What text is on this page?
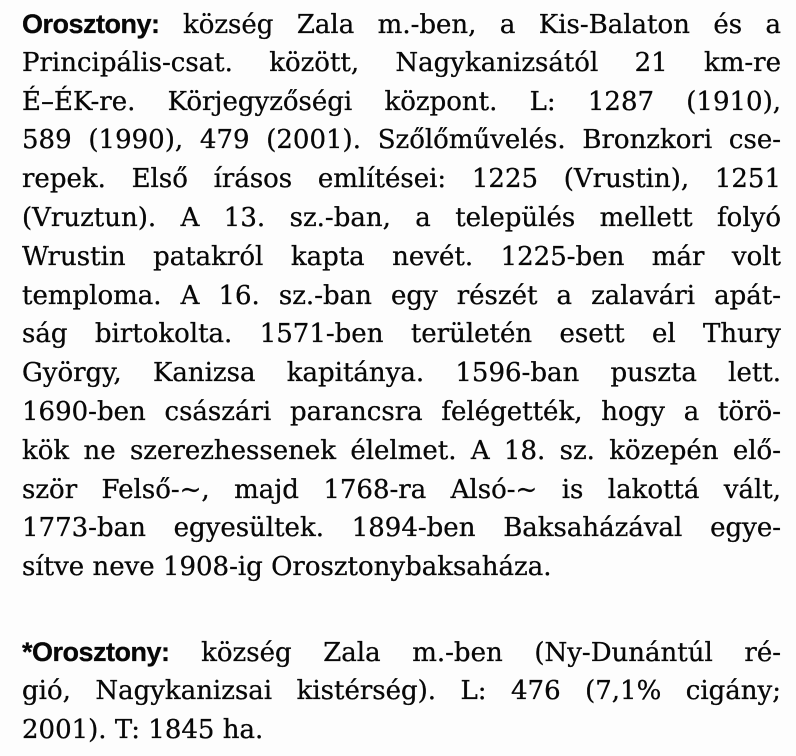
Orosztony: község Zala m.-ben, a Kis-Balaton és a
Principális-csat. között, Nagykanizsától 21 km-re
É–ÉK-re. Körjegyzőségi központ. L: 1287 (1910),
589 (1990), 479 (2001). Szőlőművelés. Bronzkori cse-
repek. Első írásos említései: 1225 (Vrustin), 1251
(Vruztun). A 13. sz.-ban, a település mellett folyó
Wrustin patakról kapta nevét. 1225-ben már volt
temploma. A 16. sz.-ban egy részét a zalavári apát-
ság birtokolta. 1571-ben területén esett el Thury
György, Kanizsa kapitánya. 1596-ban puszta lett.
1690-ben császári parancsra felégették, hogy a törö-
kök ne szerezhessenek élelmet. A 18. sz. közepén elő-
ször Felső-~, majd 1768-ra Alsó-~ is lakottá vált,
1773-ban egyesültek. 1894-ben Baksaházával egye-
sítve neve 1908-ig Orosztonybaksaháza.
*Orosztony: község Zala m.-ben (Ny-Dunántúl ré-
gió, Nagykanizsai kistérség). L: 476 (7,1% cigány;
2001). T: 1845 ha.
